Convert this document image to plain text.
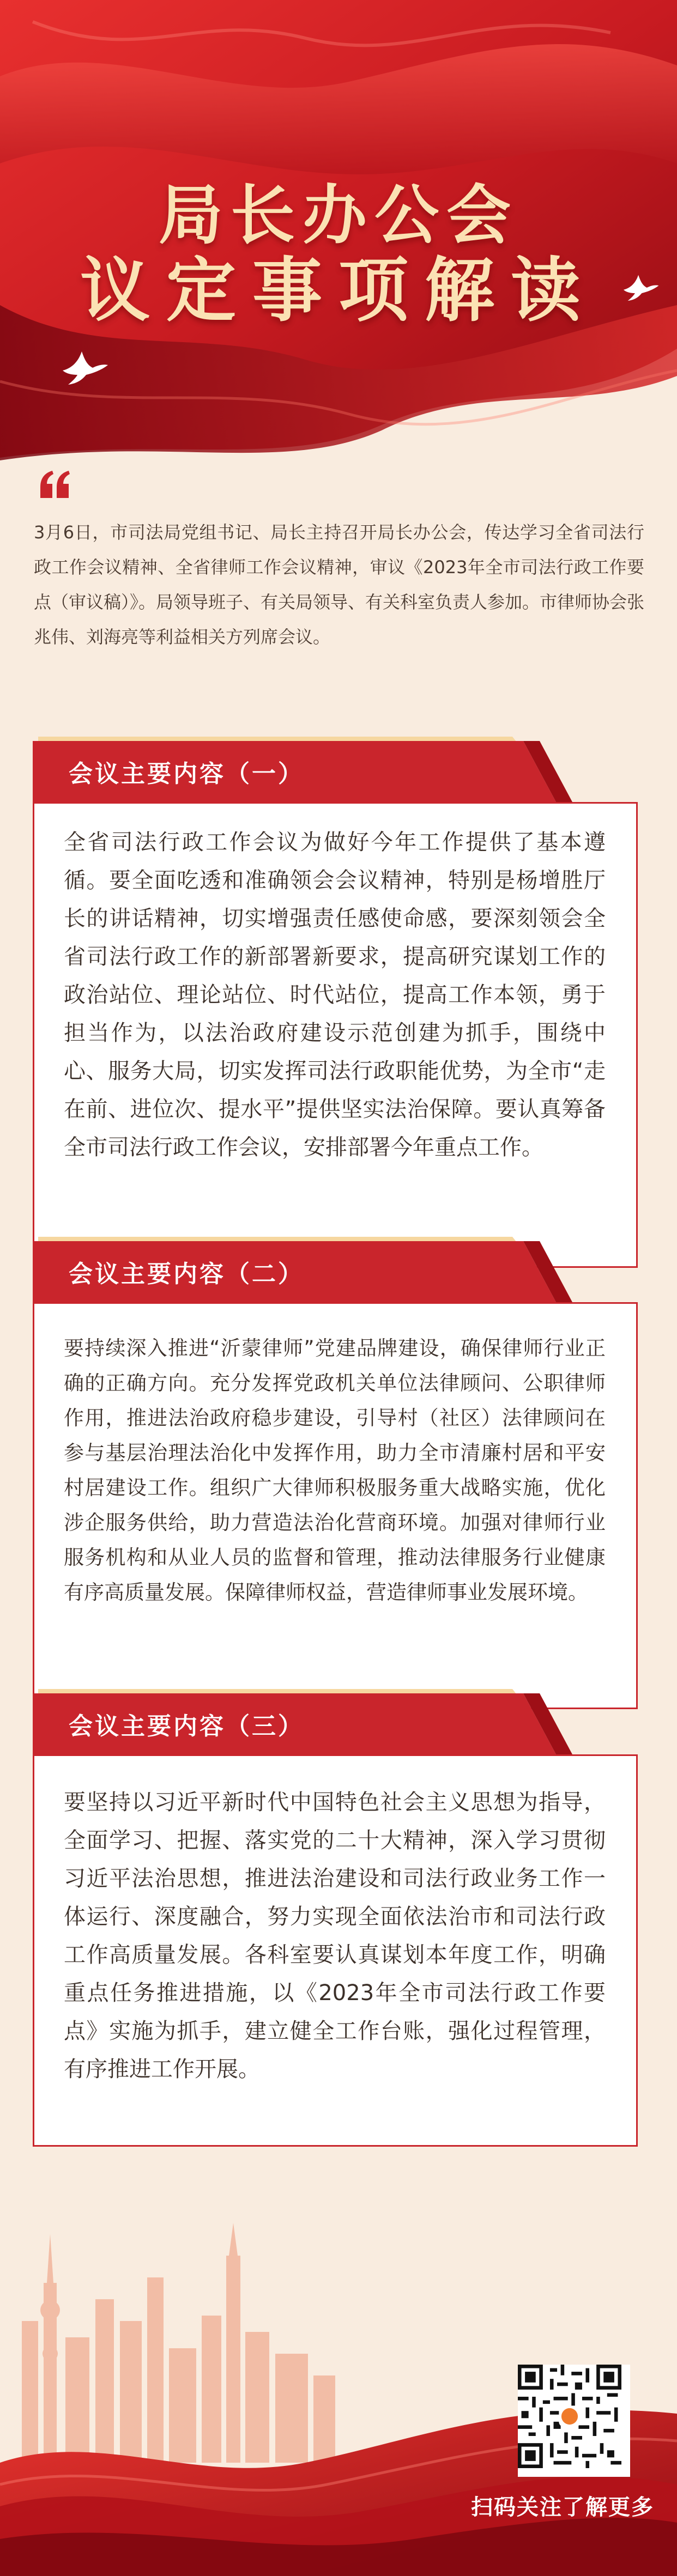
局长办公会
议定事项解读
3月6日，市司法局党组书记、局长主持召开局长办公会，传达学习全省司法行政工作会议精神、全省律师工作会议精神，审议《2023年全市司法行政工作要点（审议稿）》。局领导班子、有关局领导、有关科室负责人参加。市律师协会张兆伟、刘海亮等利益相关方列席会议。
会议主要内容（一）
全省司法行政工作会议为做好今年工作提供了基本遵循。要全面吃透和准确领会会议精神，特别是杨增胜厅长的讲话精神，切实增强责任感使命感，要深刻领会全省司法行政工作的新部署新要求，提高研究谋划工作的政治站位、理论站位、时代站位，提高工作本领，勇于担当作为，以法治政府建设示范创建为抓手，围绕中心、服务大局，切实发挥司法行政职能优势，为全市“走在前、进位次、提水平”提供坚实法治保障。要认真筹备全市司法行政工作会议，安排部署今年重点工作。
会议主要内容（二）
要持续深入推进“沂蒙律师”党建品牌建设，确保律师行业正确的正确方向。充分发挥党政机关单位法律顾问、公职律师作用，推进法治政府稳步建设，引导村（社区）法律顾问在参与基层治理法治化中发挥作用，助力全市清廉村居和平安村居建设工作。组织广大律师积极服务重大战略实施，优化涉企服务供给，助力营造法治化营商环境。加强对律师行业服务机构和从业人员的监督和管理，推动法律服务行业健康有序高质量发展。保障律师权益，营造律师事业发展环境。
会议主要内容（三）
要坚持以习近平新时代中国特色社会主义思想为指导，全面学习、把握、落实党的二十大精神，深入学习贯彻习近平法治思想，推进法治建设和司法行政业务工作一体运行、深度融合，努力实现全面依法治市和司法行政工作高质量发展。各科室要认真谋划本年度工作，明确重点任务推进措施，以《2023年全市司法行政工作要点》实施为抓手，建立健全工作台账，强化过程管理，有序推进工作开展。
扫码关注了解更多
